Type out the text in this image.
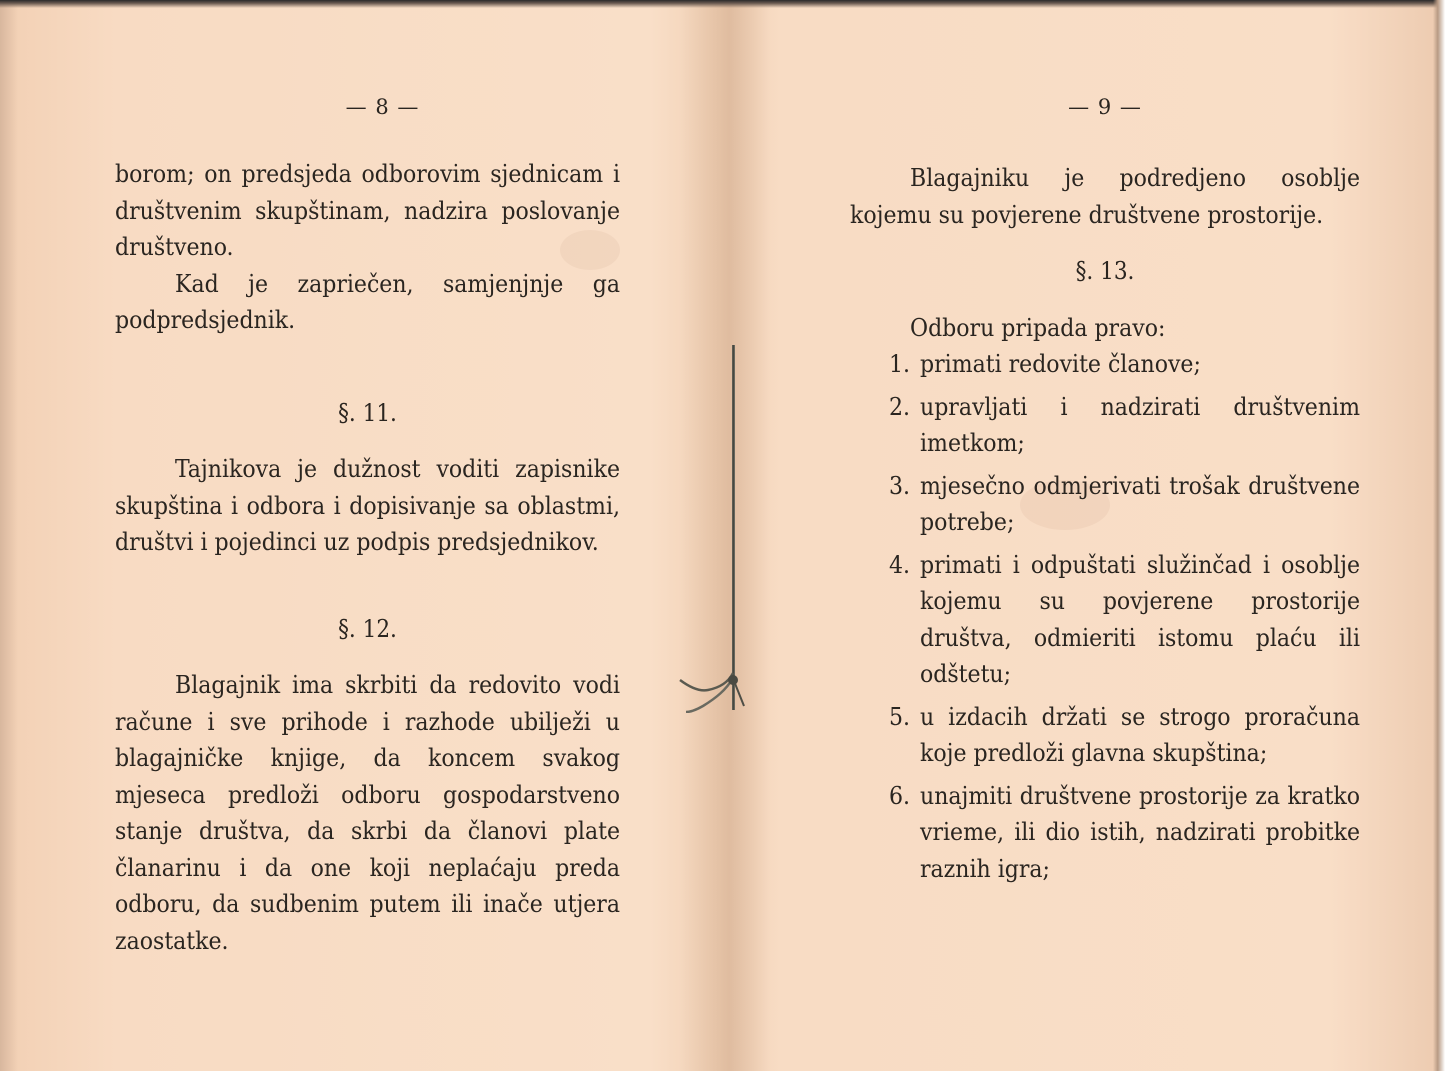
— 8 —

borom; on predsjeda odborovim sjednicam i društvenim skupštinam, nadzira poslovanje društveno.

Kad je zapriečen, samjenjnje ga podpredsjednik.

§. 11.

Tajnikova je dužnost voditi zapisnike skupština i odbora i dopisivanje sa oblastmi, društvi i pojedinci uz podpis predsjednikov.

§. 12.

Blagajnik ima skrbiti da redovito vodi račune i sve prihode i razhode ubilježi u blagajničke knjige, da koncem svakog mjeseca predloži odboru gospodarstveno stanje društva, da skrbi da članovi plate članarinu i da one koji neplaćaju preda odboru, da sudbenim putem ili inače utjera zaostatke.

— 9 —

Blagajniku je podredjeno osoblje kojemu su povjerene društvene prostorije.

§. 13.

Odboru pripada pravo:

1. primati redovite članove;
2. upravljati i nadzirati društvenim imetkom;
3. mjesečno odmjerivati trošak društvene potrebe;
4. primati i odpuštati služinčad i osoblje kojemu su povjerene prostorije društva, odmieriti istomu plaću ili odštetu;
5. u izdacih držati se strogo proračuna koje predloži glavna skupština;
6. unajmiti društvene prostorije za kratko vrieme, ili dio istih, nadzirati probitke raznih igra;
